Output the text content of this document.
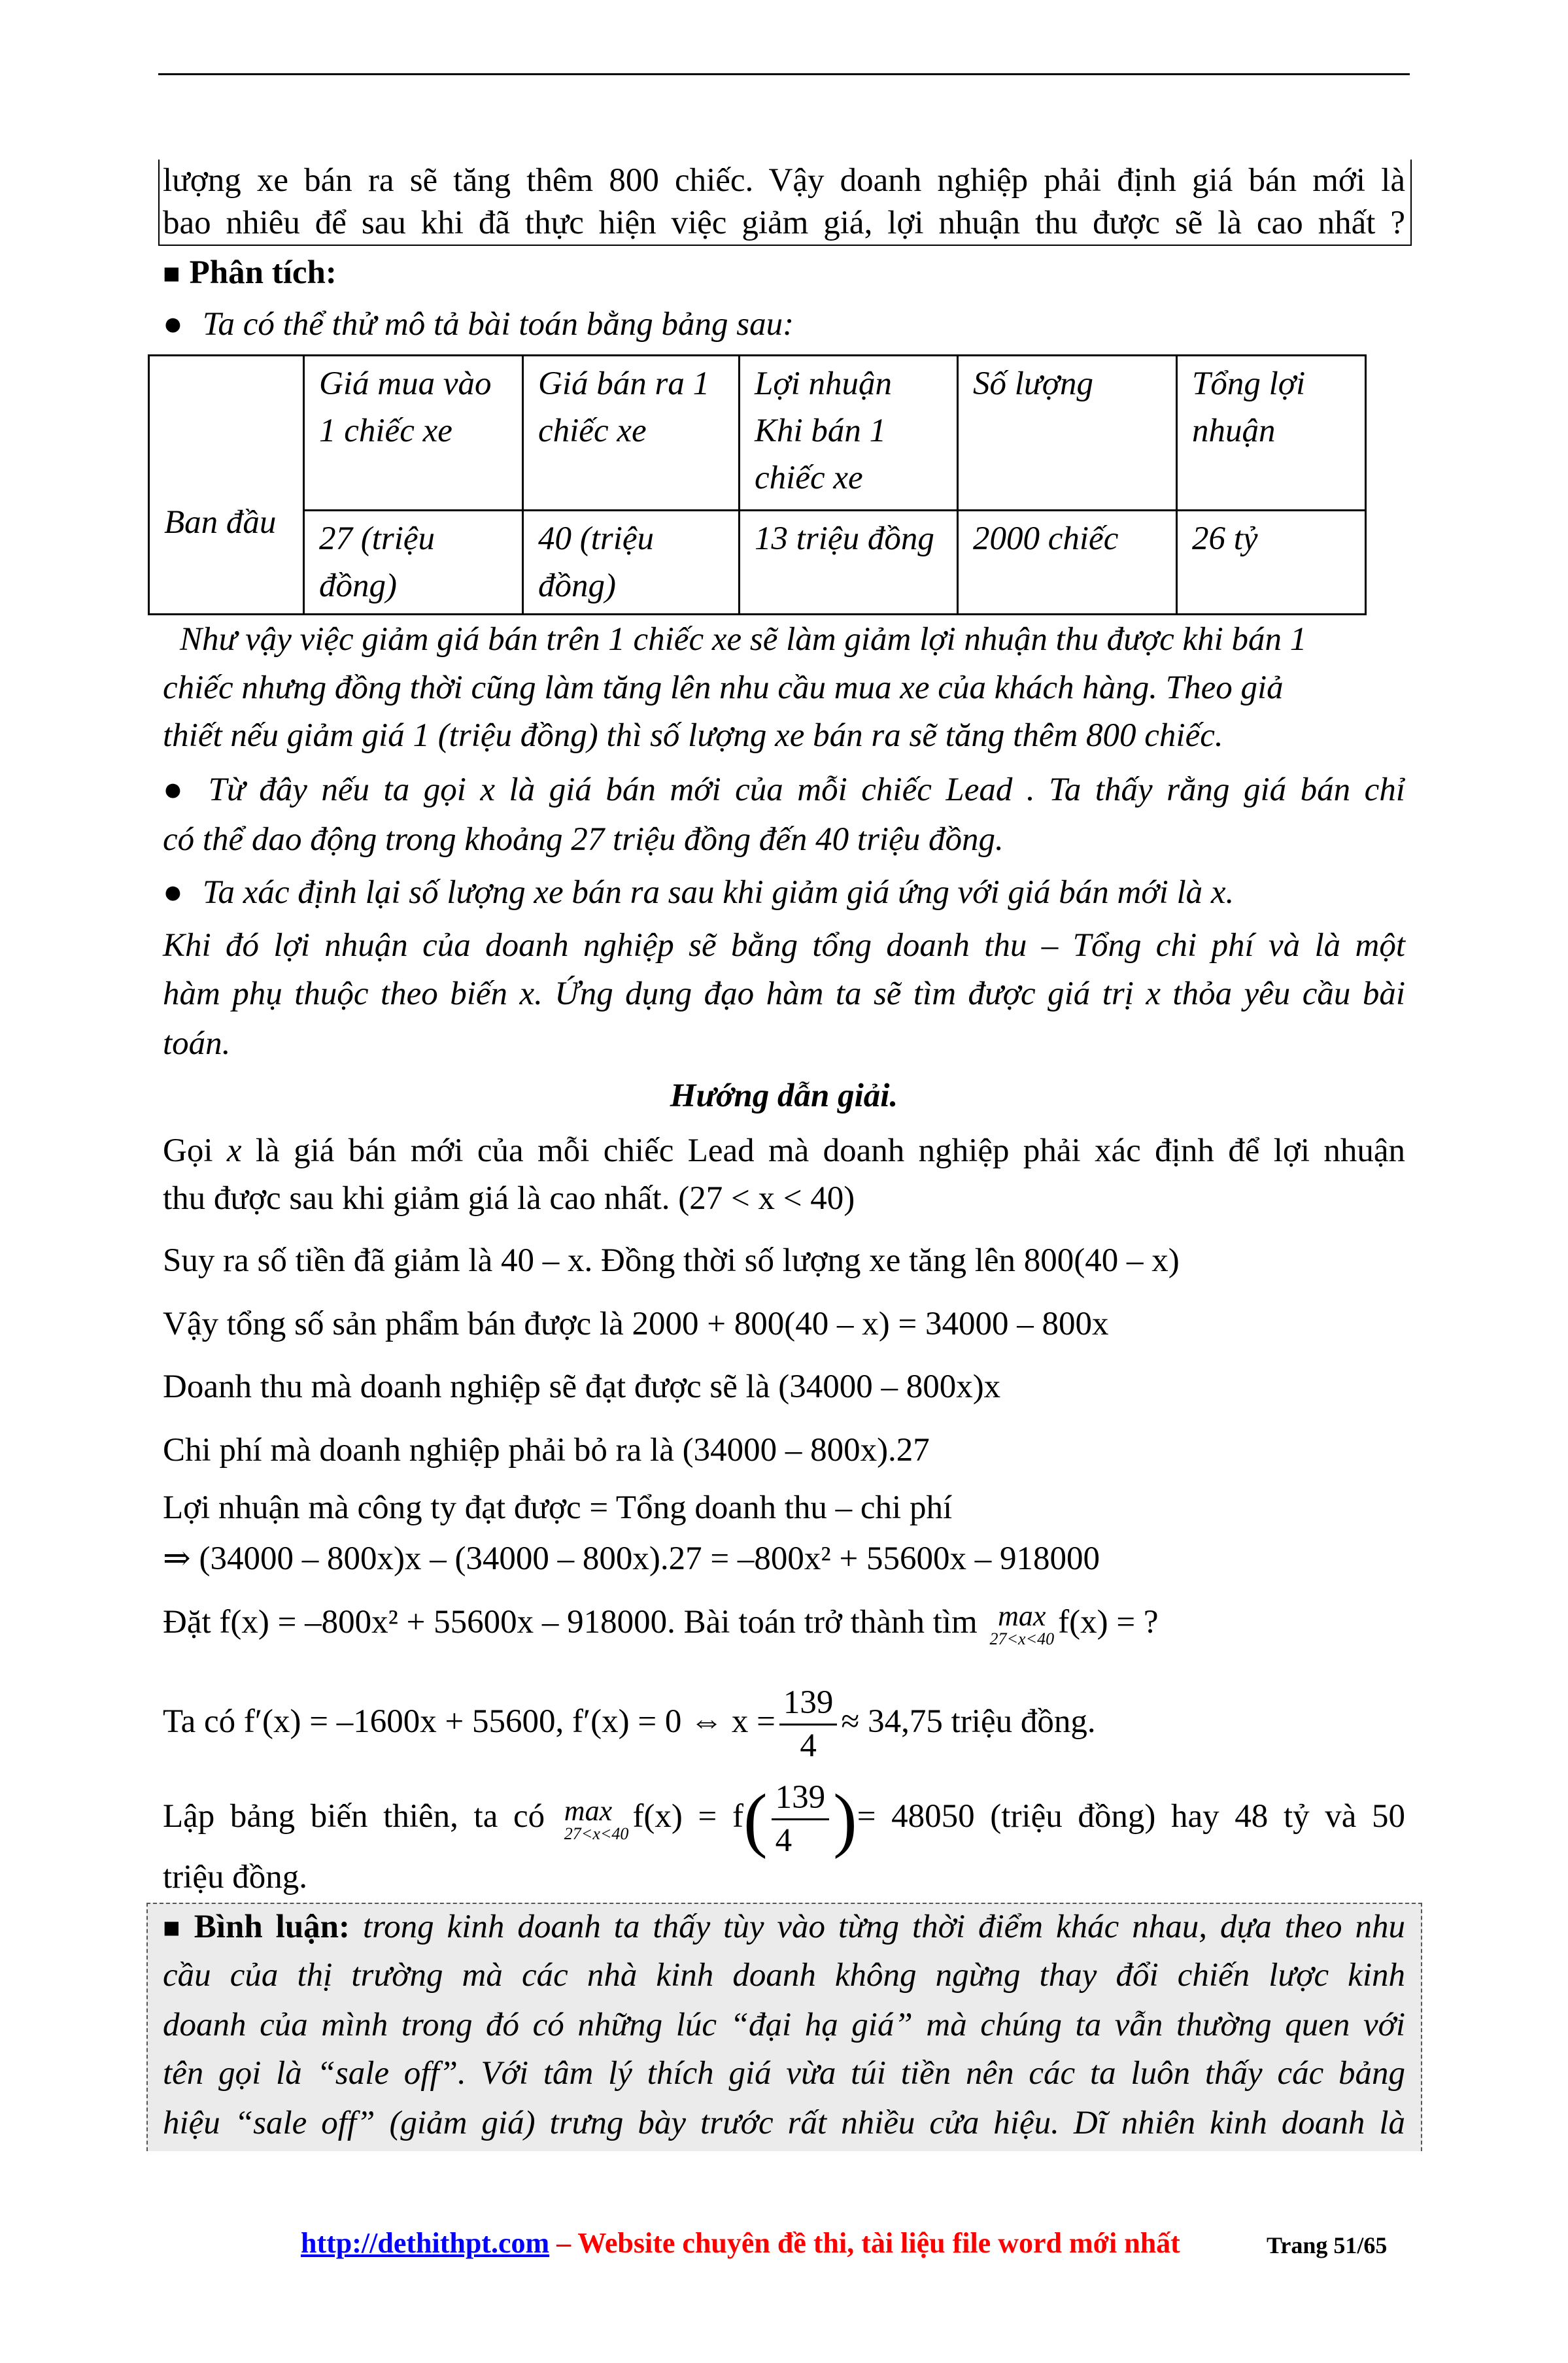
lượng xe bán ra sẽ tăng thêm 800 chiếc. Vậy doanh nghiệp phải định giá bán mới là
bao nhiêu để sau khi đã thực hiện việc giảm giá, lợi nhuận thu được sẽ là cao nhất ?
■ Phân tích:
● Ta có thể thử mô tả bài toán bằng bảng sau:
Ban đầu	Giá mua vào 1 chiếc xe	Giá bán ra 1 chiếc xe	Lợi nhuận Khi bán 1 chiếc xe	Số lượng	Tổng lợi nhuận
	27 (triệu đồng)	40 (triệu đồng)	13 triệu đồng	2000 chiếc	26 tỷ
Như vậy việc giảm giá bán trên 1 chiếc xe sẽ làm giảm lợi nhuận thu được khi bán 1
chiếc nhưng đồng thời cũng làm tăng lên nhu cầu mua xe của khách hàng. Theo giả
thiết nếu giảm giá 1 (triệu đồng) thì số lượng xe bán ra sẽ tăng thêm 800 chiếc.
● Từ đây nếu ta gọi x là giá bán mới của mỗi chiếc Lead . Ta thấy rằng giá bán chỉ
có thể dao động trong khoảng 27 triệu đồng đến 40 triệu đồng.
● Ta xác định lại số lượng xe bán ra sau khi giảm giá ứng với giá bán mới là x.
Khi đó lợi nhuận của doanh nghiệp sẽ bằng tổng doanh thu – Tổng chi phí và là một
hàm phụ thuộc theo biến x. Ứng dụng đạo hàm ta sẽ tìm được giá trị x thỏa yêu cầu bài
toán.
Hướng dẫn giải.
Gọi x là giá bán mới của mỗi chiếc Lead mà doanh nghiệp phải xác định để lợi nhuận
thu được sau khi giảm giá là cao nhất. (27 < x < 40)
Suy ra số tiền đã giảm là 40 – x. Đồng thời số lượng xe tăng lên 800(40 – x)
Vậy tổng số sản phẩm bán được là 2000 + 800(40 – x) = 34000 – 800x
Doanh thu mà doanh nghiệp sẽ đạt được sẽ là (34000 – 800x)x
Chi phí mà doanh nghiệp phải bỏ ra là (34000 – 800x).27
Lợi nhuận mà công ty đạt được = Tổng doanh thu – chi phí
⇒ (34000 – 800x)x – (34000 – 800x).27 = –800x² + 55600x – 918000
Đặt f(x) = –800x² + 55600x – 918000. Bài toán trở thành tìm max
27<x<40 f(x) = ?
Ta có f′(x) = –1600x + 55600, f′(x) = 0 ⇔ $x = \frac{139}{4} \approx 34,75$ triệu đồng.
Lập bảng biến thiên, ta có max
27<x<40 $f(x) = f( \frac{139}{4}$ )= 48050 (triệu đồng) hay 48 tỷ và 50
triệu đồng.
■ Bình luận: trong kinh doanh ta thấy tùy vào từng thời điểm khác nhau, dựa theo nhu
cầu của thị trường mà các nhà kinh doanh không ngừng thay đổi chiến lược kinh
doanh của mình trong đó có những lúc “đại hạ giá” mà chúng ta vẫn thường quen với
tên gọi là “sale off”. Với tâm lý thích giá vừa túi tiền nên các ta luôn thấy các bảng
hiệu “sale off” (giảm giá) trưng bày trước rất nhiều cửa hiệu. Dĩ nhiên kinh doanh là
http://dethithpt.com – Website chuyên đề thi, tài liệu file word mới nhất	Trang 51/65
